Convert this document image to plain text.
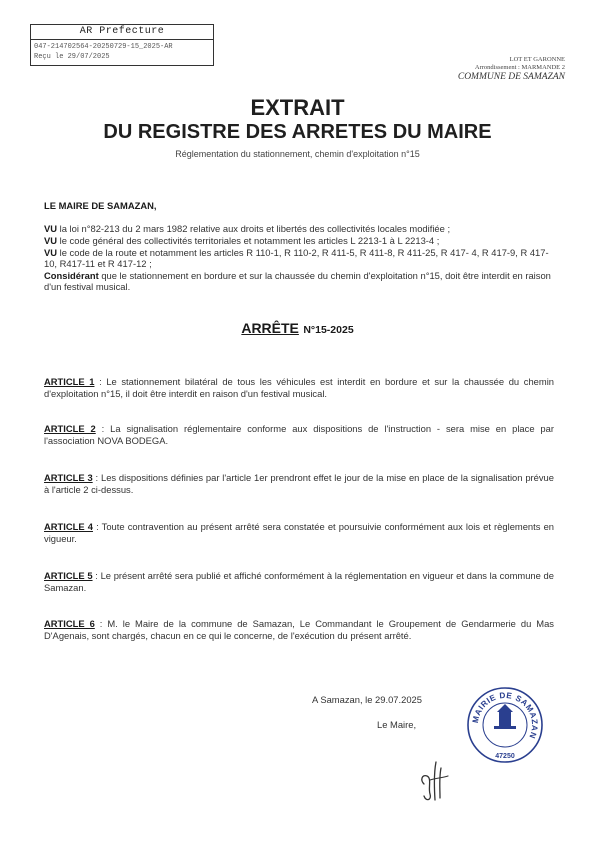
AR Prefecture
047-214702564-20250729-15_2025-AR
Reçu le 29/07/2025	LOT ET GARONNE
Arrondissement : MARMANDE 2
COMMUNE DE SAMAZAN
EXTRAIT
DU REGISTRE DES ARRETES DU MAIRE
Réglementation du stationnement, chemin d'exploitation n°15
LE MAIRE DE SAMAZAN,
VU la loi n°82-213 du 2 mars 1982 relative aux droits et libertés des collectivités locales modifiée ;
VU le code général des collectivités territoriales et notamment les articles L 2213-1 à L 2213-4 ;
VU le code de la route et notamment les articles R 110-1, R 110-2, R 411-5, R 411-8, R 411-25, R 417- 4, R 417-9, R 417-10, R417-11 et R 417-12 ;
Considérant que le stationnement en bordure et sur la chaussée du chemin d'exploitation n°15, doit être interdit en raison d'un festival musical.
ARRÊTE N°15-2025
ARTICLE 1 : Le stationnement bilatéral de tous les véhicules est interdit en bordure et sur la chaussée du chemin d'exploitation n°15, il doit être interdit en raison d'un festival musical.
ARTICLE 2 : La signalisation réglementaire conforme aux dispositions de l'instruction - sera mise en place par l'association NOVA BODEGA.
ARTICLE 3 : Les dispositions définies par l'article 1er prendront effet le jour de la mise en place de la signalisation prévue à l'article 2 ci-dessus.
ARTICLE 4 : Toute contravention au présent arrêté sera constatée et poursuivie conformément aux lois et règlements en vigueur.
ARTICLE 5 : Le présent arrêté sera publié et affiché conformément à la réglementation en vigueur et dans la commune de Samazan.
ARTICLE 6 : M. le Maire de la commune de Samazan, Le Commandant le Groupement de Gendarmerie du Mas D'Agenais, sont chargés, chacun en ce qui le concerne, de l'exécution du présent arrêté.
A Samazan, le 29.07.2025
Le Maire,	MAIRIE DE SAMAZAN
47250
